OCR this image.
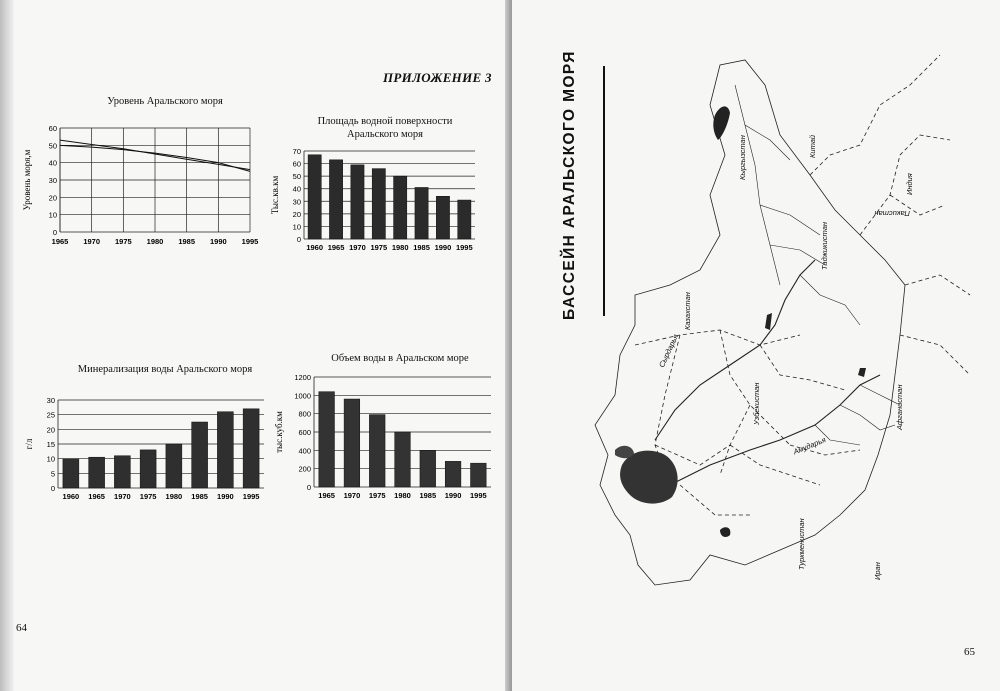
ПРИЛОЖЕНИЕ 3
Уровень Аральского моря
Уровень моря,м
0
10
20
30
40
50
60
1965 1970 1975 1980 1985 1990 1995
Площадь водной поверхности Аральского моря
Тыс.кв.км
0
10
20
30
40
50
60
70
1960 1965 1970 1975 1980 1985 1990 1995
Минерализация воды Аральского моря
г/л
0
5
10
15
20
25
30
1960 1965 1970 1975 1980 1985 1990 1995
Объем воды в Аральском море
тыс.куб.км
0
200
400
600
800
1000
1200
1965 1970 1975 1980 1985 1990 1995
64
65
БАССЕЙН АРАЛЬСКОГО МОРЯ	Казахстан
Кыргызстан	Китай
Индия
Пакистан
Таджикистан
Афганистан
Узбекистан
Туркменистан
Иран
Сырдарья
Амударья
